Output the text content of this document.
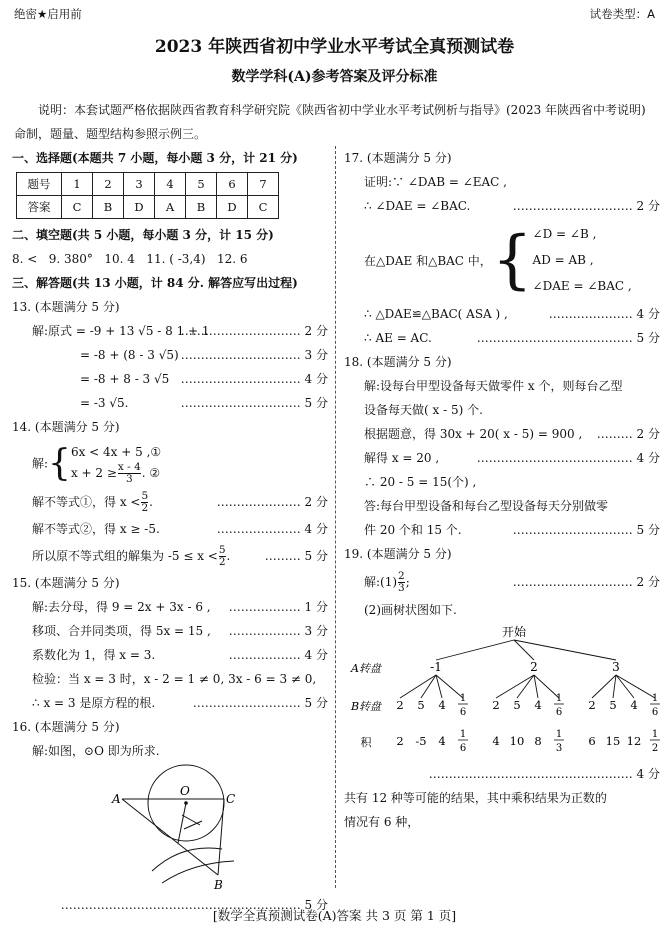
绝密★启用前	试卷类型：A
2023 年陕西省初中学业水平考试全真预测试卷
数学学科(A)参考答案及评分标准
说明：本套试题严格依据陕西省教育科学研究院《陕西省初中学业水平考试例析与指导》(2023 年陕西省中考说明)命制，题量、题型结构参照示例三。
一、选择题(本题共 7 小题，每小题 3 分，计 21 分)
题号	1	2	3	4	5	6	7
答案	C	B	D	A	B	D	C
二、填空题(共 5 小题，每小题 3 分，计 15 分)
8. <   9. 380°   10. 4   11. ( -3,4)   12. 6
三、解答题(共 13 小题，计 84 分. 解答应写出过程)
13. (本题满分 5 分)
解:原式 = -9 + 13 √5 - 8 1 + 1
………………………… 2 分
= -8 + (8 - 3 √5) ………………………… 3 分
= -8 + 8 - 3 √5 ………………………… 4 分
= -3 √5.	………………………… 5 分
14. (本题满分 5 分)
解:{ 6x < 4x + 5 ,①
$x + 2 \ge \frac{x - 4}{3}$ . ②
解不等式①，得 $x < \frac{5}{2}$ .	………………… 2 分
解不等式②，得 x ≥ -5.	………………… 4 分
所以原不等式组的解集为 $-5 \le x < \frac{5}{2}$ .	……… 5 分
15. (本题满分 5 分)
解:去分母，得 9 = 2x + 3x - 6 , ……………… 1 分
移项、合并同类项，得 5x = 15 , ……………… 3 分
系数化为 1，得 x = 3.	……………… 4 分
检验：当 x = 3 时，x - 2 = 1 ≠ 0, 3x - 6 = 3 ≠ 0,
∴ x = 3 是原方程的根.	……………………… 5 分
16. (本题满分 5 分)
解:如图，⊙O 即为所求.
A
O
C
B
…………………………………………………… 5 分
17. (本题满分 5 分)
证明:∵ ∠DAB = ∠EAC ,
∴ ∠DAE = ∠BAC.	………………………… 2 分
在△DAE 和△BAC 中， { ∠D = ∠B ,
AD = AB ,
∠DAE = ∠BAC ,
∴ △DAE≌△BAC( ASA ) ,	………………… 4 分
∴ AE = AC.	………………………………… 5 分
18. (本题满分 5 分)
解:设每台甲型设备每天做零件 x 个，则每台乙型
设备每天做( x - 5) 个.
根据题意，得 30x + 20( x - 5) = 900 , ……… 2 分
解得 x = 20 ,	………………………………… 4 分
∴ 20 - 5 = 15(个) ,
答:每台甲型设备和每台乙型设备每天分别做零
件 20 个和 15 个.	………………………… 5 分
19. (本题满分 5 分)
解:(1) $\frac{2}{3}$ ;	………………………… 2 分
(2)画树状图如下.
开始
A转盘	-1	2	3
B转盘 2 5 4 1
6
2 5 4 1
6
2 5 4 1
6
积 2 -5 4 1
6
4 10 8 1
3
6 15 12 1
2
…………………………………………… 4 分
共有 12 种等可能的结果，其中乘积结果为正数的
情况有 6 种，
[数学全真预测试卷(A)答案 共 3 页 第 1 页]
